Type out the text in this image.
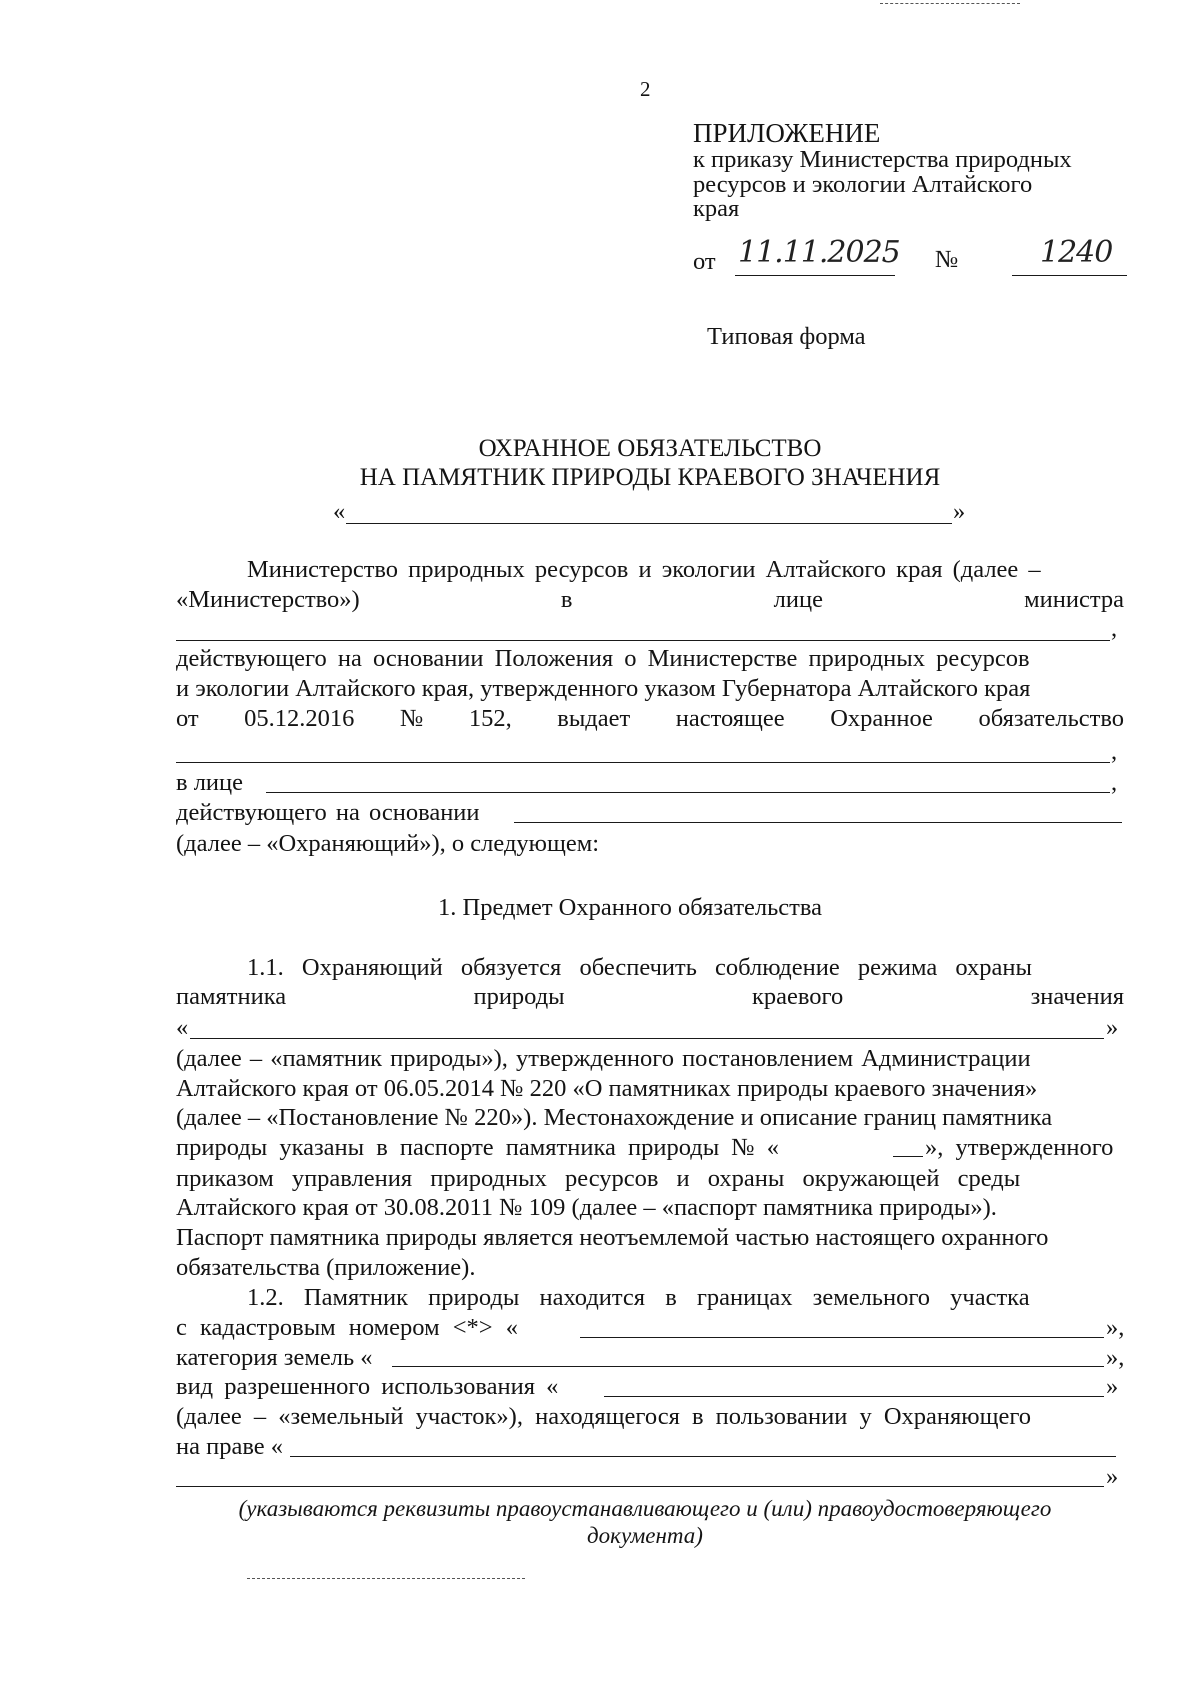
2
ПРИЛОЖЕНИЕ
к приказу Министерства природных
ресурсов и экологии Алтайского
края
от 11.11.2025 №	1240
Типовая форма
ОХРАННОЕ ОБЯЗАТЕЛЬСТВО
НА ПАМЯТНИК ПРИРОДЫ КРАЕВОГО ЗНАЧЕНИЯ
«	»
Министерство природных ресурсов и экологии Алтайского края (далее –
«Министерство»)	в	лице	министра
,
действующего на основании Положения о Министерстве природных ресурсов
и экологии Алтайского края, утвержденного указом Губернатора Алтайского края
от 05.12.2016 № 152, выдает настоящее Охранное обязательство
,
в лице	,
действующего на основании
(далее – «Охраняющий»), о следующем:
1. Предмет Охранного обязательства
1.1. Охраняющий обязуется обеспечить соблюдение режима охраны
памятника	природы	краевого	значения
«	»
(далее – «памятник природы»), утвержденного постановлением Администрации
Алтайского края от 06.05.2014 № 220 «О памятниках природы краевого значения»
(далее – «Постановление № 220»). Местонахождение и описание границ памятника
природы указаны в паспорте памятника природы № «	», утвержденного
приказом управления природных ресурсов и охраны окружающей среды
Алтайского края от 30.08.2011 № 109 (далее – «паспорт памятника природы»).
Паспорт памятника природы является неотъемлемой частью настоящего охранного
обязательства (приложение).
1.2. Памятник природы находится в границах земельного участка
с кадастровым номером <*> «	»,
категория земель «	»,
вид разрешенного использования «	»
(далее – «земельный участок»), находящегося в пользовании у Охраняющего
на праве «
»
(указываются реквизиты правоустанавливающего и (или) правоудостоверяющего
документа)
